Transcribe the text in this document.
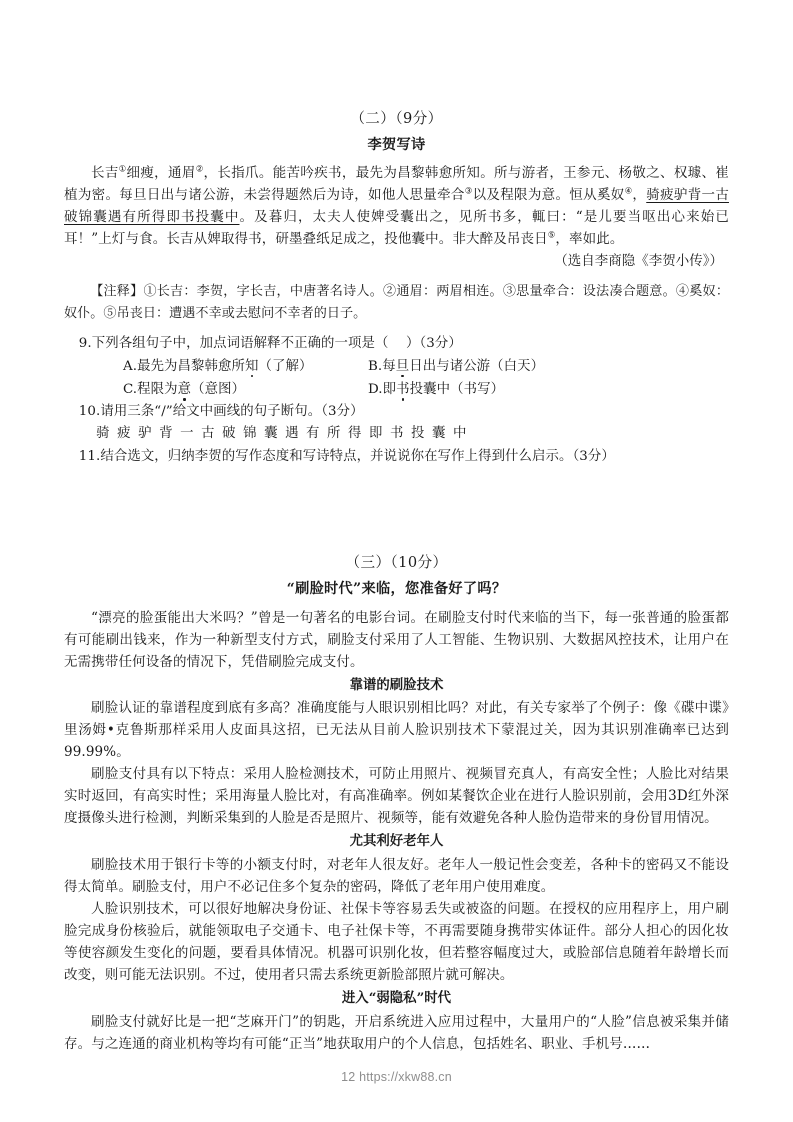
（二）（9分）
李贺写诗

长吉①细瘦，通眉②，长指爪。能苦吟疾书，最先为昌黎韩愈所知。所与游者，王参元、杨敬之、权璩、崔植为密。每旦日出与诸公游，未尝得题然后为诗，如他人思量牵合③以及程限为意。恒从奚奴④，骑疲驴背一古破锦囊遇有所得即书投囊中。及暮归，太夫人使婢受囊出之，见所书多，輒曰：“是儿要当呕出心来始已耳！”上灯与食。长吉从婢取得书，研墨叠纸足成之，投他囊中。非大醉及吊丧日⑤，率如此。

（选自李商隐《李贺小传》）

【注释】①长吉：李贺，字长吉，中唐著名诗人。②通眉：两眉相连。③思量牵合：设法凑合题意。④奚奴：奴仆。⑤吊丧日：遭遇不幸或去慰问不幸者的日子。

9.下列各组句子中，加点词语解释不正确的一项是（ ）（3分）

A.最先为昌黎韩愈所知（了解）	B.每旦日出与诸公游（白天）

C.程限为意（意图）	D.即书投囊中（书写）

10.请用三条“/”给文中画线的句子断句。（3分）

骑疲驴背一古破锦囊遇有所得即书投囊中

11.结合选文，归纳李贺的写作态度和写诗特点，并说说你在写作上得到什么启示。（3分）

（三）（10分）
“刷脸时代”来临，您准备好了吗？

“漂亮的脸蛋能出大米吗？”曾是一句著名的电影台词。在刷脸支付时代来临的当下，每一张普通的脸蛋都有可能刷出钱来，作为一种新型支付方式，刷脸支付采用了人工智能、生物识别、大数据风控技术，让用户在无需携带任何设备的情况下，凭借刷脸完成支付。

靠谱的刷脸技术

刷脸认证的靠谱程度到底有多高？准确度能与人眼识别相比吗？对此，有关专家举了个例子：像《碟中谍》里汤姆•克鲁斯那样采用人皮面具这招，已无法从目前人脸识别技术下蒙混过关，因为其识别准确率已达到99.99%。

刷脸支付具有以下特点：采用人脸检测技术，可防止用照片、视频冒充真人，有高安全性；人脸比对结果实时返回，有高实时性；采用海量人脸比对，有高准确率。例如某餐饮企业在进行人脸识别前，会用3D红外深度摄像头进行检测，判断采集到的人脸是否是照片、视频等，能有效避免各种人脸伪造带来的身份冒用情况。

尤其利好老年人

刷脸技术用于银行卡等的小额支付时，对老年人很友好。老年人一般记性会变差，各种卡的密码又不能设得太简单。刷脸支付，用户不必记住多个复杂的密码，降低了老年用户使用难度。

人脸识别技术，可以很好地解决身份证、社保卡等容易丢失或被盗的问题。在授权的应用程序上，用户刷脸完成身份核验后，就能领取电子交通卡、电子社保卡等，不再需要随身携带实体证件。部分人担心的因化妆等使容颜发生变化的问题，要看具体情况。机器可识别化妆，但若整容幅度过大，或脸部信息随着年龄增长而改变，则可能无法识别。不过，使用者只需去系统更新脸部照片就可解决。

进入“弱隐私”时代

刷脸支付就好比是一把“芝麻开门”的钥匙，开启系统进入应用过程中，大量用户的“人脸”信息被采集并储存。与之连通的商业机构等均有可能“正当”地获取用户的个人信息，包括姓名、职业、手机号……

12 https://xkw88.cn
